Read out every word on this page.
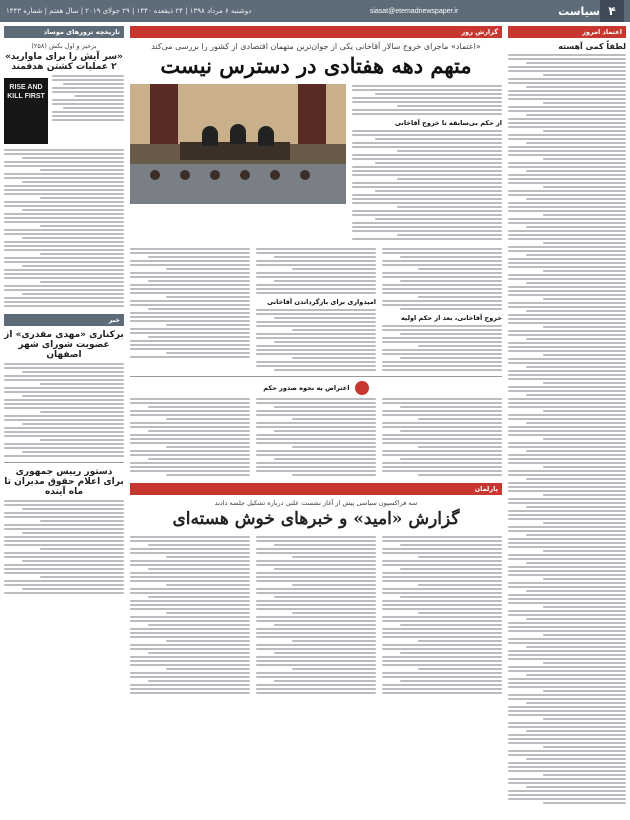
دوشنبه ۶ مرداد ۱۳۹۸ | ۲۴ ذیقعده ۱۴۴۰ | ۲۹ جولای ۲۰۱۹ | سال هفتم | شماره ۱۴۴۳	siasat@etemadnewspaper.ir	سیاست ۴
اعتماد امروز
لطفاً کمی آهسته
گزارش روز
«اعتماد» ماجرای خروج سالار آقاخانی یکی از جوان‌ترین متهمان اقتصادی از کشور را بررسی می‌کند
متهم دهه هفتادی در دسترس نیست
از حکم بی‌سابقه تا خروج آقاخانی
خروج آقاخانی، بعد از حکم اولیه
امیدواری برای بازگرداندن آقاخانی
اعتراض به نحوه صدور حکم
پارلمان
سه فراکسیون سیاسی پیش از آغاز نشست علنی درباره تشکیل جلسه دادند
گزارش «امید» و خبرهای خوش هسته‌ای
تاریخچه ترورهای موساد
برخیز و اول بکش (۲۵۸)
«سر آیش را برای ماوارید» ۲ عملیات کشتن هدفمند
RISE AND KILL FIRST
خبر
برکناری «مهدی مقدری» از عضویت شورای شهر اصفهان
دستور رییس جمهوری برای اعلام حقوق مدیران تا ماه آینده
